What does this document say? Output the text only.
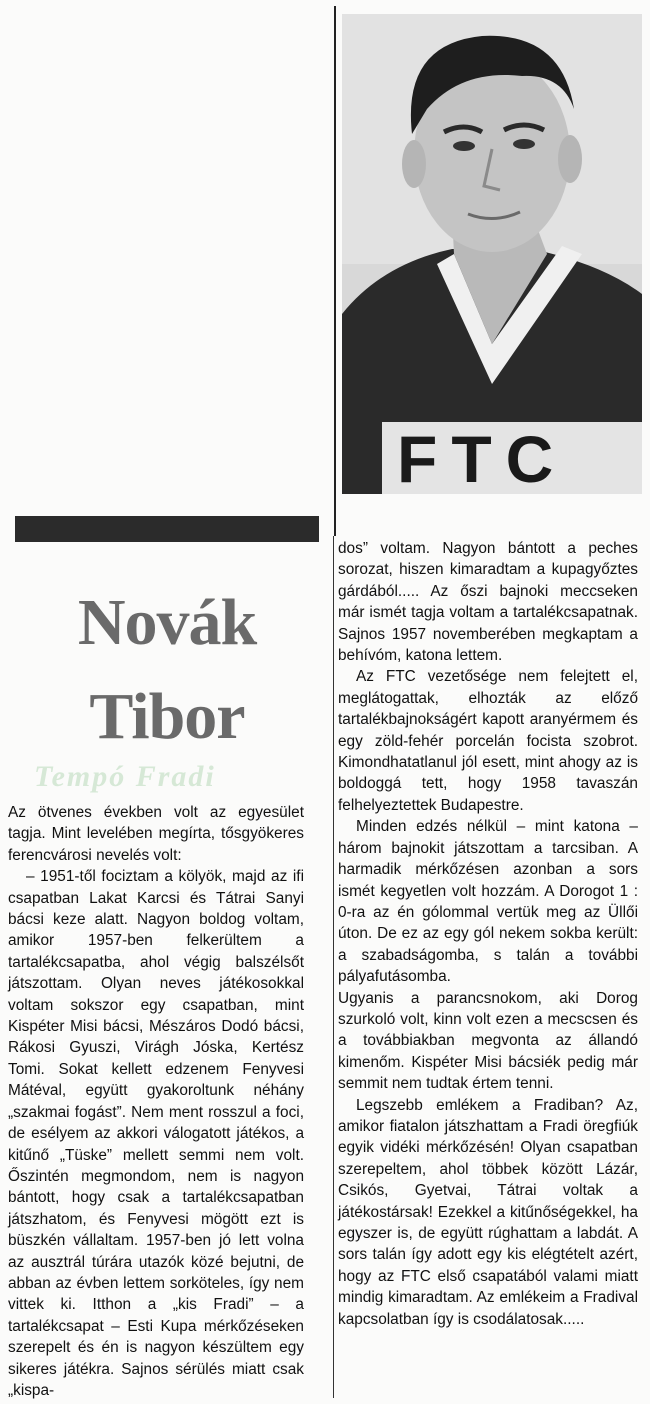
FTC
Novák
Tibor
Tempó Fradi

Az ötvenes években volt az egyesület tagja. Mint levelében megírta, tősgyökeres ferencvárosi nevelés volt:

– 1951-től fociztam a kölyök, majd az ifi csapatban Lakat Karcsi és Tátrai Sanyi bácsi keze alatt. Nagyon boldog voltam, amikor 1957-ben felkerültem a tartalékcsapatba, ahol végig balszélsőt játszottam. Olyan neves játékosokkal voltam sokszor egy csapatban, mint Kispéter Misi bácsi, Mészáros Dodó bácsi, Rákosi Gyuszi, Virágh Jóska, Kertész Tomi. Sokat kellett edzenem Fenyvesi Mátéval, együtt gyakoroltunk néhány „szakmai fogást”. Nem ment rosszul a foci, de esélyem az akkori válogatott játékos, a kitűnő „Tüske” mellett semmi nem volt. Őszintén megmondom, nem is nagyon bántott, hogy csak a tartalékcsapatban játszhatom, és Fenyvesi mögött ezt is büszkén vállaltam. 1957-ben jó lett volna az ausztrál túrára utazók közé bejutni, de abban az évben lettem sorköteles, így nem vittek ki. Itthon a „kis Fradi” – a tartalékcsapat – Esti Kupa mérkőzéseken szerepelt és én is nagyon készültem egy sikeres játékra. Sajnos sérülés miatt csak „kispa-

dos” voltam. Nagyon bántott a peches sorozat, hiszen kimaradtam a kupagyőztes gárdából..... Az őszi bajnoki meccseken már ismét tagja voltam a tartalékcsapatnak. Sajnos 1957 novemberében megkaptam a behívóm, katona lettem.

Az FTC vezetősége nem felejtett el, meglátogattak, elhozták az előző tartalékbajnokságért kapott aranyérmem és egy zöld-fehér porcelán focista szobrot. Kimondhatatlanul jól esett, mint ahogy az is boldoggá tett, hogy 1958 tavaszán felhelyeztettek Budapestre.

Minden edzés nélkül – mint katona – három bajnokit játszottam a tarcsiban. A harmadik mérkőzésen azonban a sors ismét kegyetlen volt hozzám. A Dorogot 1 : 0-ra az én gólommal vertük meg az Üllői úton. De ez az egy gól nekem sokba került: a szabadságomba, s talán a további pályafutásomba.

Ugyanis a parancsnokom, aki Dorog szurkoló volt, kinn volt ezen a mecscsen és a továbbiakban megvonta az állandó kimenőm. Kispéter Misi bácsiék pedig már semmit nem tudtak értem tenni.

Legszebb emlékem a Fradiban? Az, amikor fiatalon játszhattam a Fradi öregfiúk egyik vidéki mérkőzésén! Olyan csapatban szerepeltem, ahol többek között Lázár, Csikós, Gyetvai, Tátrai voltak a játékostársak! Ezekkel a kitűnőségekkel, ha egyszer is, de együtt rúghattam a labdát. A sors talán így adott egy kis elégtételt azért, hogy az FTC első csapatából valami miatt mindig kimaradtam. Az emlékeim a Fradival kapcsolatban így is csodálatosak.....
